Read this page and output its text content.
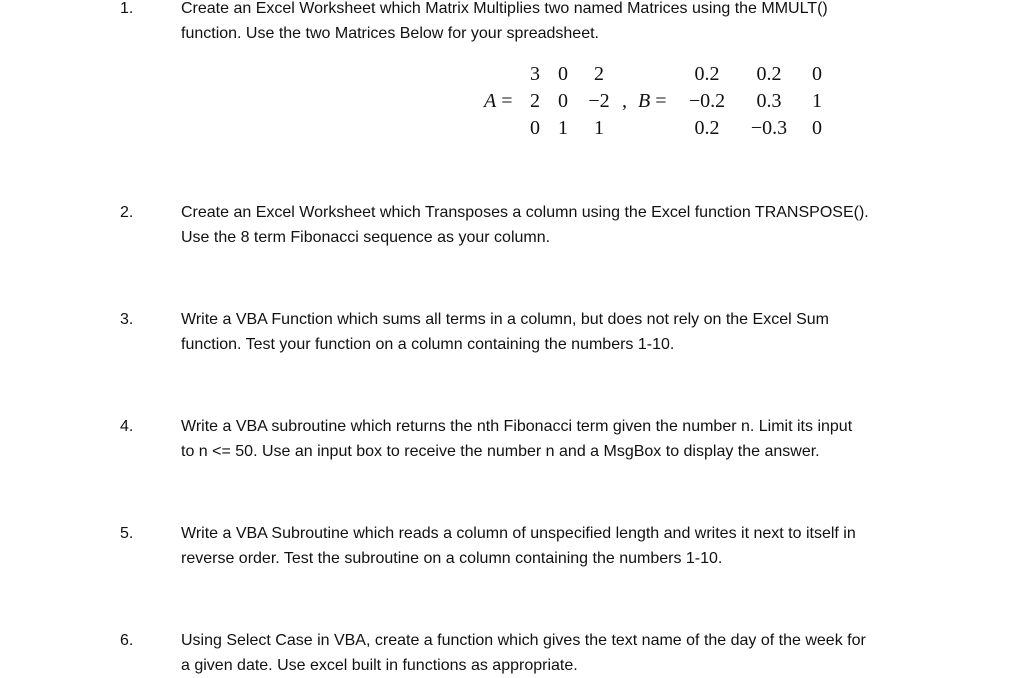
1.	Create an Excel Worksheet which Matrix Multiplies two named Matrices using the MMULT()
function. Use the two Matrices Below for your spreadsheet.
A =
3 0	2
2 0	−2
0 1	1
, B =
0.2	0.2	0
−0.2	0.3	1
0.2	−0.3	0
2.	Create an Excel Worksheet which Transposes a column using the Excel function TRANSPOSE().
Use the 8 term Fibonacci sequence as your column.
3.	Write a VBA Function which sums all terms in a column, but does not rely on the Excel Sum
function. Test your function on a column containing the numbers 1-10.
4.	Write a VBA subroutine which returns the nth Fibonacci term given the number n. Limit its input
to n <= 50. Use an input box to receive the number n and a MsgBox to display the answer.
5.	Write a VBA Subroutine which reads a column of unspecified length and writes it next to itself in
reverse order. Test the subroutine on a column containing the numbers 1-10.
6.	Using Select Case in VBA, create a function which gives the text name of the day of the week for
a given date. Use excel built in functions as appropriate.
